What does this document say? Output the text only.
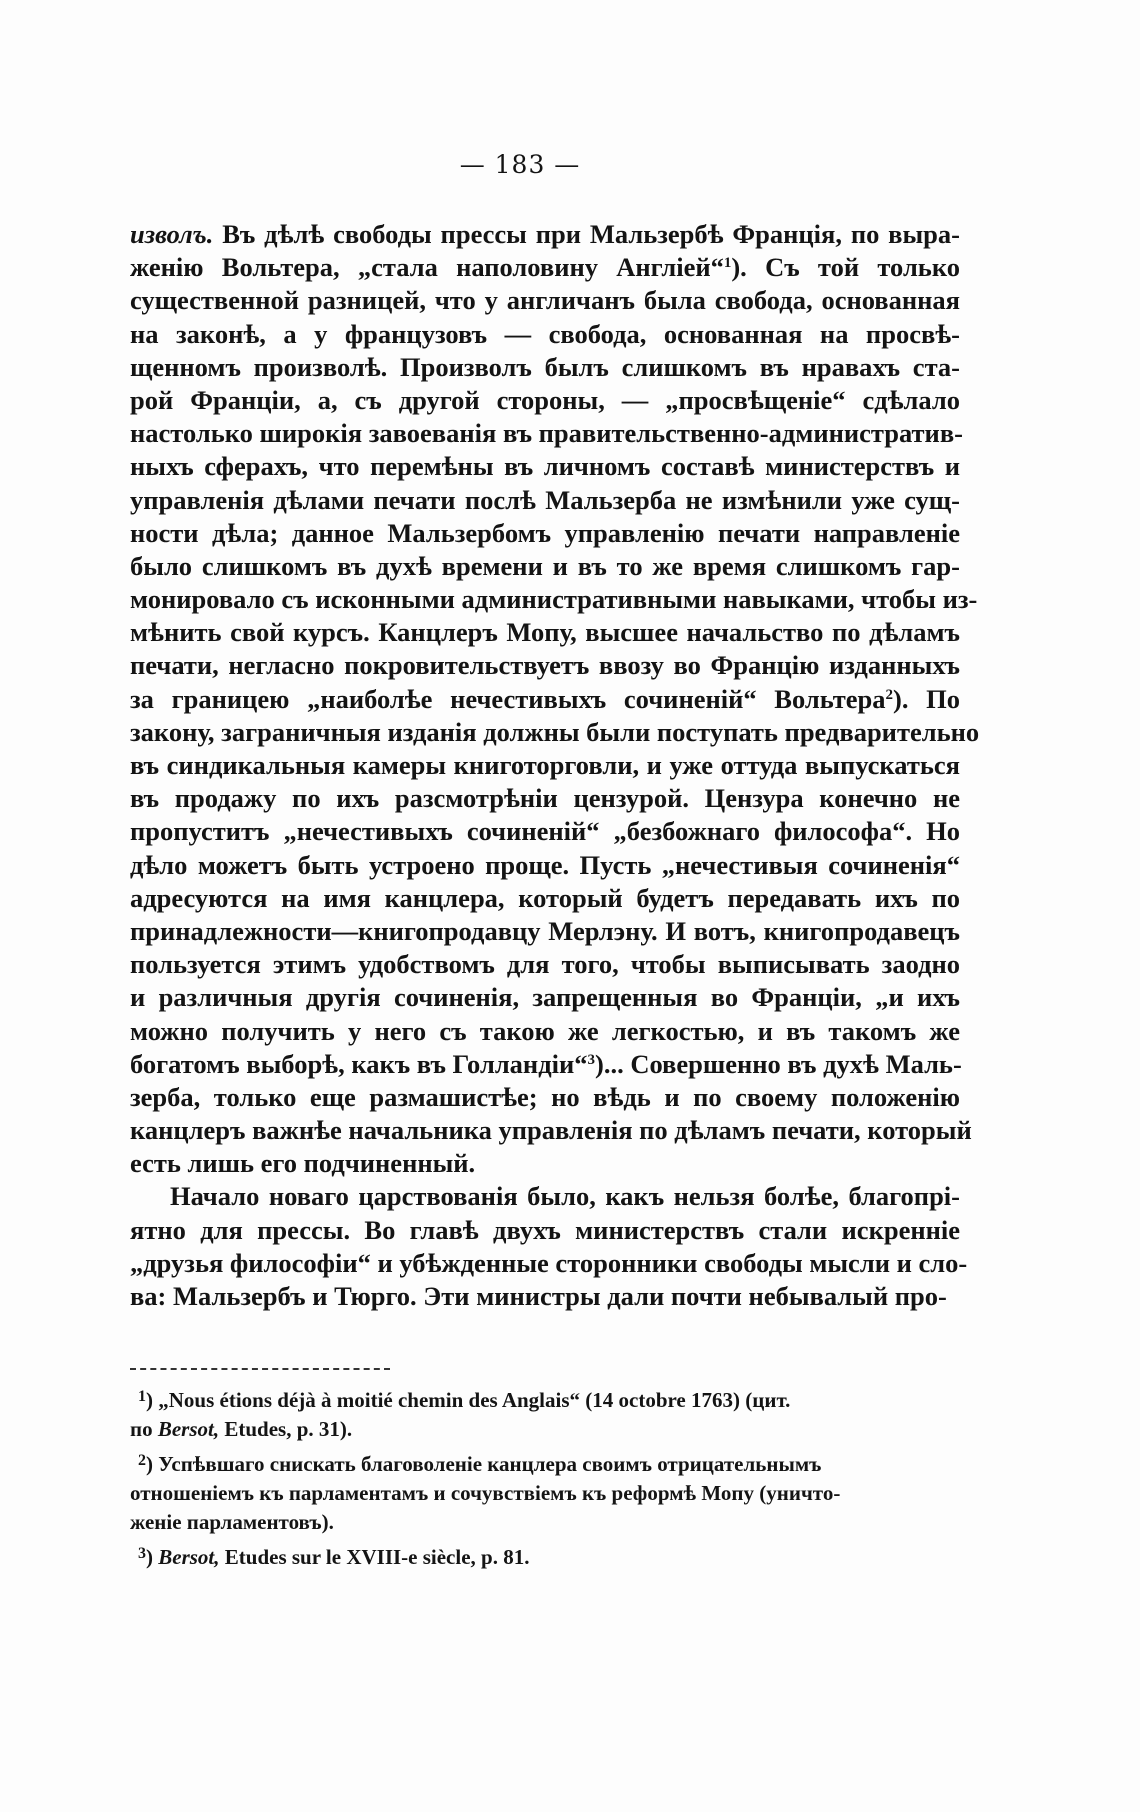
— 183 —
изволъ. Въ дѣлѣ свободы прессы при Мальзербѣ Франція, по выра-
женію Вольтера, „стала наполовину Англіей“$^1$). Съ той только
существенной разницей, что у англичанъ была свобода, основанная
на законѣ, а у французовъ — свобода, основанная на просвѣ-
щенномъ произволѣ. Произволъ былъ слишкомъ въ нравахъ ста-
рой Франціи, а, съ другой стороны, — „просвѣщеніе“ сдѣлало
настолько широкія завоеванія въ правительственно-административ-
ныхъ сферахъ, что перемѣны въ личномъ составѣ министерствъ и
управленія дѣлами печати послѣ Мальзерба не измѣнили уже сущ-
ности дѣла; данное Мальзербомъ управленію печати направленіе
было слишкомъ въ духѣ времени и въ то же время слишкомъ гар-
монировало съ исконными административными навыками, чтобы из-
мѣнить свой курсъ. Канцлеръ Мопу, высшее начальство по дѣламъ
печати, негласно покровительствуетъ ввозу во Францію изданныхъ
за границею „наиболѣе нечестивыхъ сочиненій“ Вольтера$^2$). По
закону, заграничныя изданія должны были поступать предварительно
въ синдикальныя камеры книготорговли, и уже оттуда выпускаться
въ продажу по ихъ разсмотрѣніи цензурой. Цензура конечно не
пропуститъ „нечестивыхъ сочиненій“ „безбожнаго философа“. Но
дѣло можетъ быть устроено проще. Пусть „нечестивыя сочиненія“
адресуются на имя канцлера, который будетъ передавать ихъ по
принадлежности—книгопродавцу Мерлэну. И вотъ, книгопродавецъ
пользуется этимъ удобствомъ для того, чтобы выписывать заодно
и различныя другія сочиненія, запрещенныя во Франціи, „и ихъ
можно получить у него съ такою же легкостью, и въ такомъ же
богатомъ выборѣ, какъ въ Голландіи“$^3$)... Совершенно въ духѣ Маль-
зерба, только еще размашистѣе; но вѣдь и по своему положенію
канцлеръ важнѣе начальника управленія по дѣламъ печати, который
есть лишь его подчиненный.
Начало новаго царствованія было, какъ нельзя болѣе, благопрі-
ятно для прессы. Во главѣ двухъ министерствъ стали искренніе
„друзья философіи“ и убѣжденные сторонники свободы мысли и сло-
ва: Мальзербъ и Тюрго. Эти министры дали почти небывалый про-
$^1$) „Nous étions déjà à moitié chemin des Anglais“ (14 octobre 1763) (цит.
по Bersot, Etudes, p. 31).
$^2$) Успѣвшаго снискать благоволеніе канцлера своимъ отрицательнымъ
отношеніемъ къ парламентамъ и сочувствіемъ къ реформѣ Мопу (уничто-
женіе парламентовъ).
$^3$) Bersot, Etudes sur le XVIII-e siècle, p. 81.
